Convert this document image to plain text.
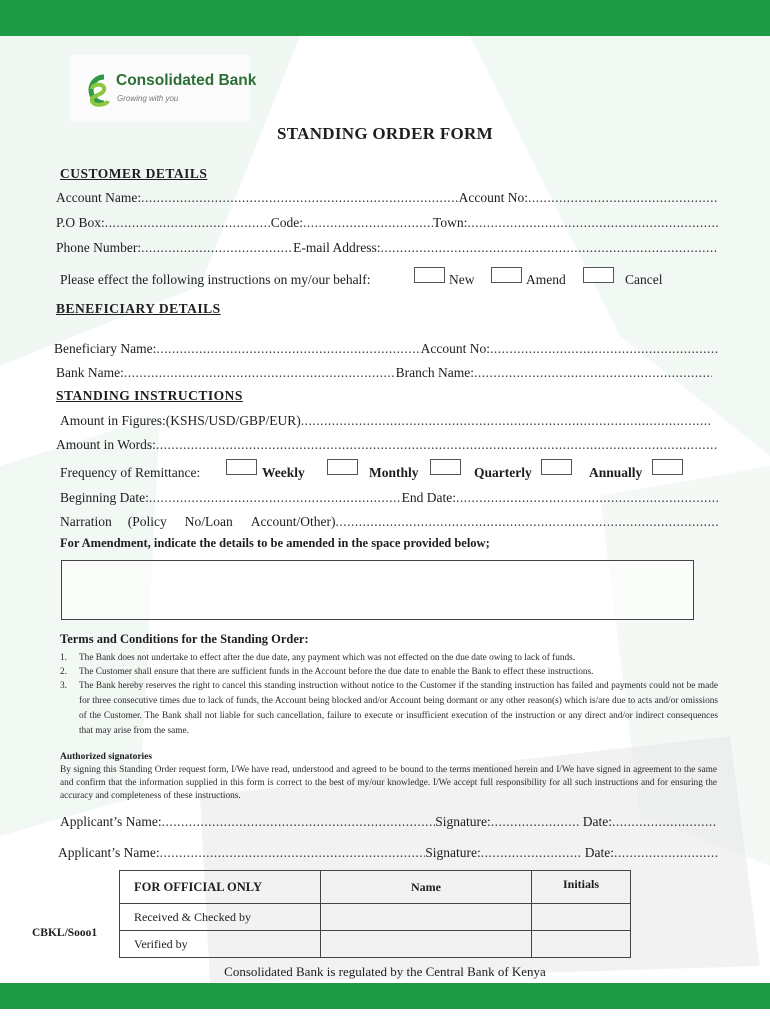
Consolidated Bank
Growing with you
STANDING ORDER FORM
CUSTOMER DETAILS
Account Name: .....	Account No:
.....
P.O Box: .....	Code: .....	Town:
.....
Phone Number: .....	E-mail Address:
.....
Please effect the following instructions on my/our behalf:	New	Amend	Cancel
BENEFICIARY DETAILS
Beneficiary Name: .....	Account No:
.....
Bank Name: .....	Branch Name:
.....
STANDING INSTRUCTIONS
Amount in Figures:(KSHS/USD/GBP/EUR)
.....
Amount in Words:
.....
Frequency of Remittance:	Weekly	Monthly	Quarterly	Annually
Beginning Date: .....	End Date:
.....
Narration (Policy No/Loan Account/Other)
.....
For Amendment, indicate the details to be amended in the space provided below;
Terms and Conditions for the Standing Order:
1. The Bank does not undertake to effect after the due date, any payment which was not effected on the due date owing to lack of funds.
2. The Customer shall ensure that there are sufficient funds in the Account before the due date to enable the Bank to effect these instructions.
3. The Bank hereby reserves the right to cancel this standing instruction without notice to the Customer if the standing instruction has failed and payments could not be made for three consecutive times due to lack of funds, the Account being blocked and/or Account being dormant or any other reason(s) which is/are due to acts and/or omissions of the Customer. The Bank shall not liable for such cancellation, failure to execute or insufficient execution of the instruction or any direct and/or indirect consequences that may arise from the same.
Authorized signatories
By signing this Standing Order request form, I/We have read, understood and agreed to be bound to the terms mentioned herein and I/We have signed in agreement to the same and confirm that the information supplied in this form is correct to the best of my/our knowledge. I/We accept full responsibility for all such instructions and for ensuring the accuracy and completeness of these instructions.
Applicant’s Name: .....	Signature: .....	Date:
.....
Applicant’s Name: .....	Signature: .....	Date:
.....
FOR OFFICIAL ONLY	Name	Initials
Received & Checked by		
Verified by		
CBKL/Sooo1
Consolidated Bank is regulated by the Central Bank of Kenya
